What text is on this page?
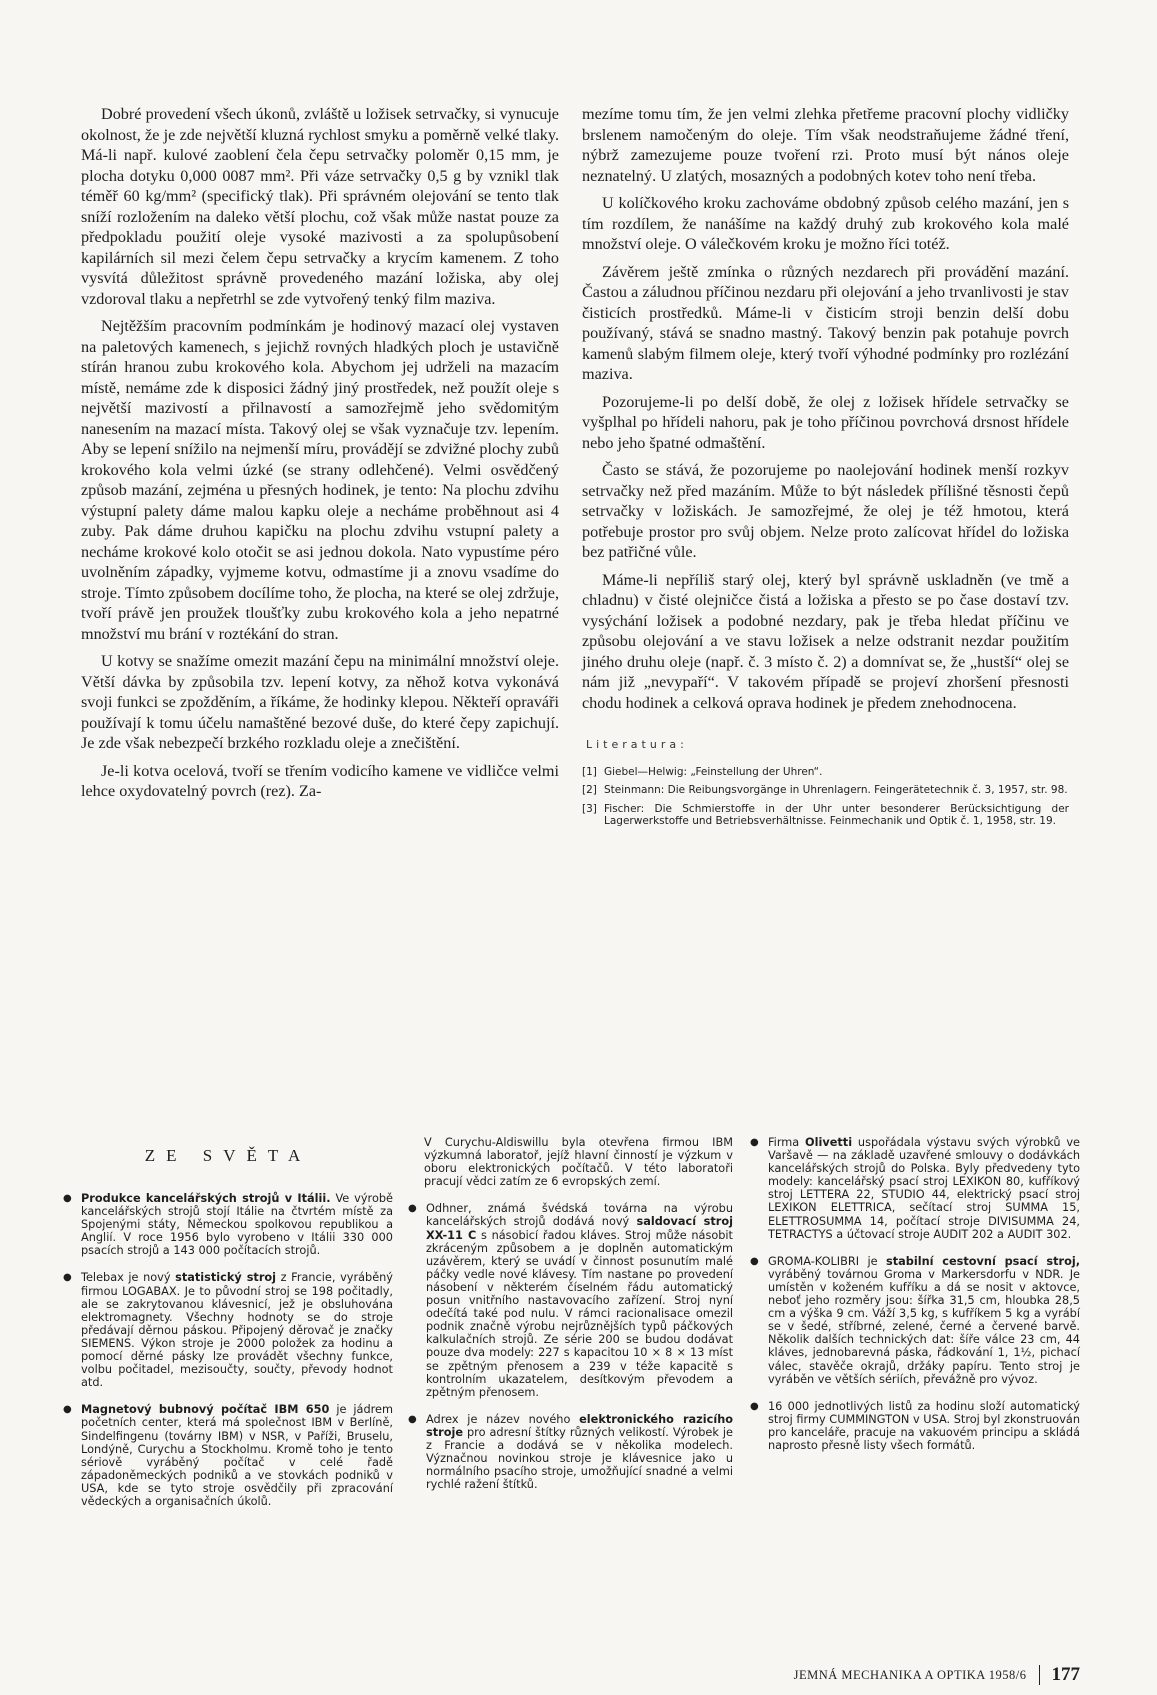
Dobré provedení všech úkonů, zvláště u ložisek setrvačky, si vynucuje okolnost, že je zde největší kluzná rychlost smyku a poměrně velké tlaky. Má-li např. kulové zaoblení čela čepu setrvačky poloměr 0,15 mm, je plocha dotyku 0,000 0087 mm². Při váze setrvačky 0,5 g by vznikl tlak téměř 60 kg/mm² (specifický tlak). Při správném olejování se tento tlak sníží rozložením na daleko větší plochu, což však může nastat pouze za předpokladu použití oleje vysoké mazivosti a za spolupůsobení kapilárních sil mezi čelem čepu setrvačky a krycím kamenem. Z toho vysvítá důležitost správně provedeného mazání ložiska, aby olej vzdoroval tlaku a nepřetrhl se zde vytvořený tenký film maziva.

Nejtěžším pracovním podmínkám je hodinový mazací olej vystaven na paletových kamenech, s jejichž rovných hladkých ploch je ustavičně stírán hranou zubu krokového kola. Abychom jej udrželi na mazacím místě, nemáme zde k disposici žádný jiný prostředek, než použít oleje s největší mazivostí a přilnavostí a samozřejmě jeho svědomitým nanesením na mazací místa. Takový olej se však vyznačuje tzv. lepením. Aby se lepení snížilo na nejmenší míru, provádějí se zdvižné plochy zubů krokového kola velmi úzké (se strany odlehčené). Velmi osvědčený způsob mazání, zejména u přesných hodinek, je tento: Na plochu zdvihu výstupní palety dáme malou kapku oleje a necháme proběhnout asi 4 zuby. Pak dáme druhou kapičku na plochu zdvihu vstupní palety a necháme krokové kolo otočit se asi jednou dokola. Nato vypustíme péro uvolněním západky, vyjmeme kotvu, odmastíme ji a znovu vsadíme do stroje. Tímto způsobem docílíme toho, že plocha, na které se olej zdržuje, tvoří právě jen proužek tloušťky zubu krokového kola a jeho nepatrné množství mu brání v roztékání do stran.

U kotvy se snažíme omezit mazání čepu na minimální množství oleje. Větší dávka by způsobila tzv. lepení kotvy, za něhož kotva vykonává svoji funkci se zpožděním, a říkáme, že hodinky klepou. Někteří opraváři používají k tomu účelu namaštěné bezové duše, do které čepy zapichují. Je zde však nebezpečí brzkého rozkladu oleje a znečištění.

Je-li kotva ocelová, tvoří se třením vodicího kamene ve vidličce velmi lehce oxydovatelný povrch (rez). Za-

mezíme tomu tím, že jen velmi zlehka přetřeme pracovní plochy vidličky brslenem namočeným do oleje. Tím však neodstraňujeme žádné tření, nýbrž zamezujeme pouze tvoření rzi. Proto musí být nános oleje neznatelný. U zlatých, mosazných a podobných kotev toho není třeba.

U kolíčkového kroku zachováme obdobný způsob celého mazání, jen s tím rozdílem, že nanášíme na každý druhý zub krokového kola malé množství oleje. O válečkovém kroku je možno říci totéž.

Závěrem ještě zmínka o různých nezdarech při provádění mazání. Častou a záludnou příčinou nezdaru při olejování a jeho trvanlivosti je stav čisticích prostředků. Máme-li v čisticím stroji benzin delší dobu používaný, stává se snadno mastný. Takový benzin pak potahuje povrch kamenů slabým filmem oleje, který tvoří výhodné podmínky pro rozlézání maziva.

Pozorujeme-li po delší době, že olej z ložisek hřídele setrvačky se vyšplhal po hřídeli nahoru, pak je toho příčinou povrchová drsnost hřídele nebo jeho špatné odmaštění.

Často se stává, že pozorujeme po naolejování hodinek menší rozkyv setrvačky než před mazáním. Může to být následek přílišné těsnosti čepů setrvačky v ložiskách. Je samozřejmé, že olej je též hmotou, která potřebuje prostor pro svůj objem. Nelze proto zalícovat hřídel do ložiska bez patřičné vůle.

Máme-li nepříliš starý olej, který byl správně uskladněn (ve tmě a chladnu) v čisté olejničce čistá a ložiska a přesto se po čase dostaví tzv. vysýchání ložisek a podobné nezdary, pak je třeba hledat příčinu ve způsobu olejování a ve stavu ložisek a nelze odstranit nezdar použitím jiného druhu oleje (např. č. 3 místo č. 2) a domnívat se, že „hustší“ olej se nám již „nevypaří“. V takovém případě se projeví zhoršení přesnosti chodu hodinek a celková oprava hodinek je předem znehodnocena.

Literatura:
[1] Giebel—Helwig: „Feinstellung der Uhren“.
[2] Steinmann: Die Reibungsvorgänge in Uhrenlagern. Feingerätetechnik č. 3, 1957, str. 98.
[3] Fischer: Die Schmierstoffe in der Uhr unter besonderer Berücksichtigung der Lagerwerkstoffe und Betriebsverhältnisse. Feinmechanik und Optik č. 1, 1958, str. 19.
ZE SVĚTA
● Produkce kancelářských strojů v Itálii. Ve výrobě kancelářských strojů stojí Itálie na čtvrtém místě za Spojenými státy, Německou spolkovou republikou a Anglií. V roce 1956 bylo vyrobeno v Itálii 330 000 psacích strojů a 143 000 počítacích strojů.
● Telebax je nový statistický stroj z Francie, vyráběný firmou LOGABAX. Je to původní stroj se 198 počitadly, ale se zakrytovanou klávesnicí, jež je obsluhována elektromagnety. Všechny hodnoty se do stroje předávají děrnou páskou. Připojený děrovač je značky SIEMENS. Výkon stroje je 2000 položek za hodinu a pomocí děrné pásky lze provádět všechny funkce, volbu počitadel, mezisoučty, součty, převody hodnot atd.
● Magnetový bubnový počítač IBM 650 je jádrem početních center, která má společnost IBM v Berlíně, Sindelfingenu (továrny IBM) v NSR, v Paříži, Bruselu, Londýně, Curychu a Stockholmu. Kromě toho je tento sériově vyráběný počítač v celé řadě západoněmeckých podniků a ve stovkách podniků v USA, kde se tyto stroje osvědčily při zpracování vědeckých a organisačních úkolů.
V Curychu-Aldiswillu byla otevřena firmou IBM výzkumná laboratoř, jejíž hlavní činností je výzkum v oboru elektronických počítačů. V této laboratoři pracují vědci zatím ze 6 evropských zemí.
● Odhner, známá švédská továrna na výrobu kancelářských strojů dodává nový saldovací stroj XX-11 C s násobicí řadou kláves. Stroj může násobit zkráceným způsobem a je doplněn automatickým uzávěrem, který se uvádí v činnost posunutím malé páčky vedle nové klávesy. Tím nastane po provedení násobení v některém číselném řádu automatický posun vnitřního nastavovacího zařízení. Stroj nyní odečítá také pod nulu. V rámci racionalisace omezil podnik značně výrobu nejrůznějších typů páčkových kalkulačních strojů. Ze série 200 se budou dodávat pouze dva modely: 227 s kapacitou 10 × 8 × 13 míst se zpětným přenosem a 239 v téže kapacitě s kontrolním ukazatelem, desítkovým převodem a zpětným přenosem.
● Adrex je název nového elektronického razicího stroje pro adresní štítky různých velikostí. Výrobek je z Francie a dodává se v několika modelech. Význačnou novinkou stroje je klávesnice jako u normálního psacího stroje, umožňující snadné a velmi rychlé ražení štítků.
● Firma Olivetti uspořádala výstavu svých výrobků ve Varšavě — na základě uzavřené smlouvy o dodávkách kancelářských strojů do Polska. Byly předvedeny tyto modely: kancelářský psací stroj LEXIKON 80, kufříkový stroj LETTERA 22, STUDIO 44, elektrický psací stroj LEXIKON ELETTRICA, sečítací stroj SUMMA 15, ELETTROSUMMA 14, počítací stroje DIVISUMMA 24, TETRACTYS a účtovací stroje AUDIT 202 a AUDIT 302.
● GROMA-KOLIBRI je stabilní cestovní psací stroj, vyráběný továrnou Groma v Markersdorfu v NDR. Je umístěn v koženém kufříku a dá se nosit v aktovce, neboť jeho rozměry jsou: šířka 31,5 cm, hloubka 28,5 cm a výška 9 cm. Váží 3,5 kg, s kufříkem 5 kg a vyrábí se v šedé, stříbrné, zelené, černé a červené barvě. Několik dalších technických dat: šíře válce 23 cm, 44 kláves, jednobarevná páska, řádkování 1, 1½, pichací válec, stavěče okrajů, držáky papíru. Tento stroj je vyráběn ve větších sériích, převážně pro vývoz.
● 16 000 jednotlivých listů za hodinu složí automatický stroj firmy CUMMINGTON v USA. Stroj byl zkonstruován pro kanceláře, pracuje na vakuovém principu a skládá naprosto přesně listy všech formátů.
JEMNÁ MECHANIKA A OPTIKA 1958/6 177
